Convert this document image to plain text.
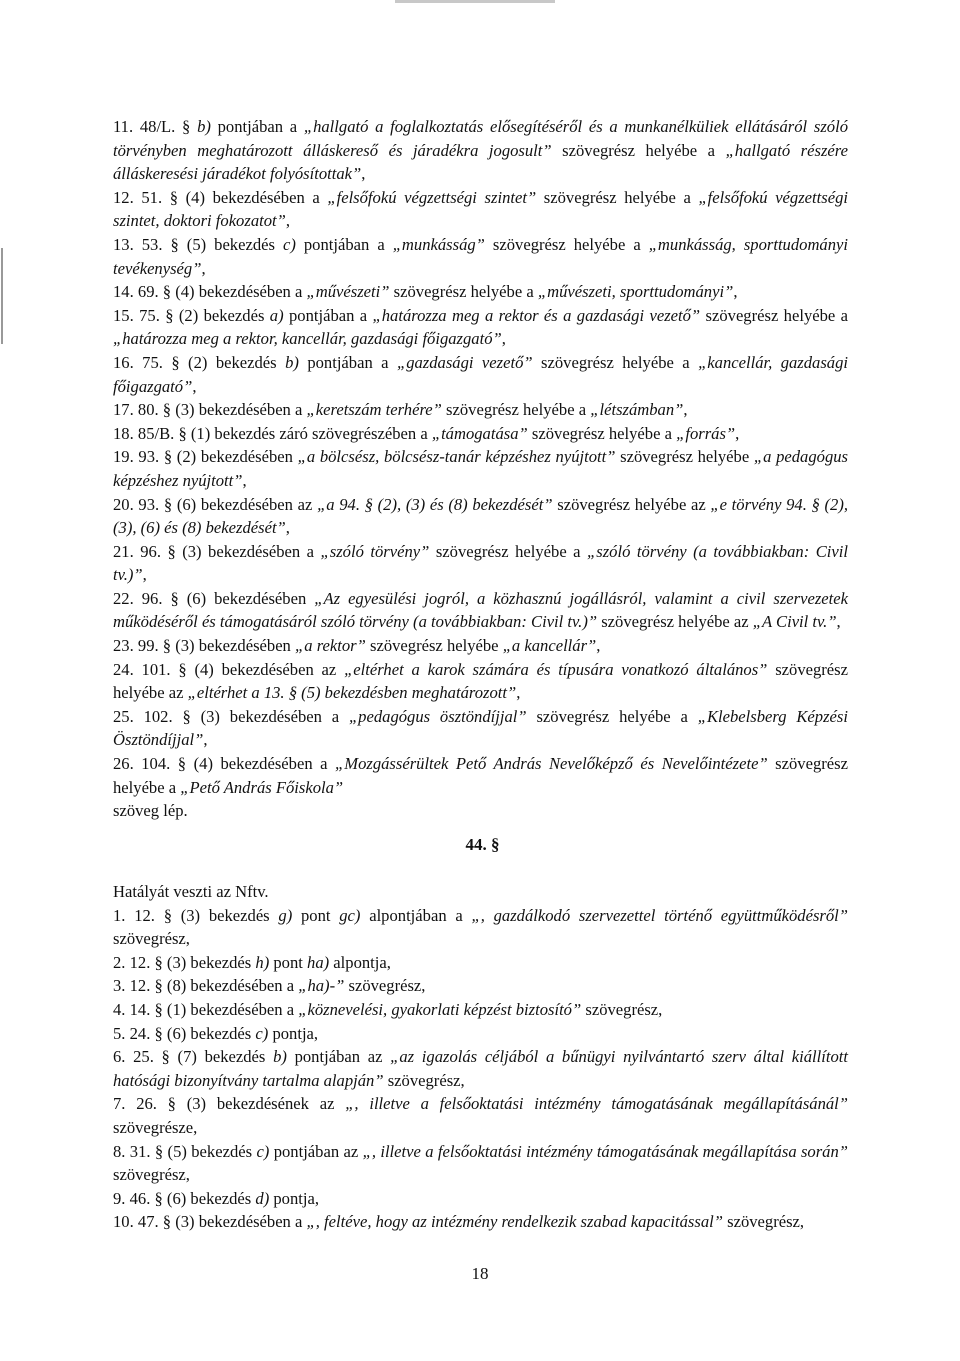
11. 48/L. § b) pontjában a „hallgató a foglalkoztatás elősegítéséről és a munkanélküliek ellátásáról szóló törvényben meghatározott álláskereső és járadékra jogosult” szövegrész helyébe a „hallgató részére álláskeresési járadékot folyósítottak”,

12. 51. § (4) bekezdésében a „felsőfokú végzettségi szintet” szövegrész helyébe a „felsőfokú végzettségi szintet, doktori fokozatot”,

13. 53. § (5) bekezdés c) pontjában a „munkásság” szövegrész helyébe a „munkásság, sporttudományi tevékenység”,

14. 69. § (4) bekezdésében a „művészeti” szövegrész helyébe a „művészeti, sporttudományi”,

15. 75. § (2) bekezdés a) pontjában a „határozza meg a rektor és a gazdasági vezető” szövegrész helyébe a „határozza meg a rektor, kancellár, gazdasági főigazgató”,

16. 75. § (2) bekezdés b) pontjában a „gazdasági vezető” szövegrész helyébe a „kancellár, gazdasági főigazgató”,

17. 80. § (3) bekezdésében a „keretszám terhére” szövegrész helyébe a „létszámban”,

18. 85/B. § (1) bekezdés záró szövegrészében a „támogatása” szövegrész helyébe a „forrás”,

19. 93. § (2) bekezdésében „a bölcsész, bölcsész-tanár képzéshez nyújtott” szövegrész helyébe „a pedagógus képzéshez nyújtott”,

20. 93. § (6) bekezdésében az „a 94. § (2), (3) és (8) bekezdését” szövegrész helyébe az „e törvény 94. § (2), (3), (6) és (8) bekezdését”,

21. 96. § (3) bekezdésében a „szóló törvény” szövegrész helyébe a „szóló törvény (a továbbiakban: Civil tv.)”,

22. 96. § (6) bekezdésében „Az egyesülési jogról, a közhasznú jogállásról, valamint a civil szervezetek működéséről és támogatásáról szóló törvény (a továbbiakban: Civil tv.)” szövegrész helyébe az „A Civil tv.”,

23. 99. § (3) bekezdésében „a rektor” szövegrész helyébe „a kancellár”,

24. 101. § (4) bekezdésében az „eltérhet a karok számára és típusára vonatkozó általános” szövegrész helyébe az „eltérhet a 13. § (5) bekezdésben meghatározott”,

25. 102. § (3) bekezdésében a „pedagógus ösztöndíjjal” szövegrész helyébe a „Klebelsberg Képzési Ösztöndíjjal”,

26. 104. § (4) bekezdésében a „Mozgássérültek Pető András Nevelőképző és Nevelőintézete” szövegrész helyébe a „Pető András Főiskola”

szöveg lép.

44. §

Hatályát veszti az Nftv.

1. 12. § (3) bekezdés g) pont gc) alpontjában a „, gazdálkodó szervezettel történő együttműködésről” szövegrész,

2. 12. § (3) bekezdés h) pont ha) alpontja,

3. 12. § (8) bekezdésében a „ha)-” szövegrész,

4. 14. § (1) bekezdésében a „köznevelési, gyakorlati képzést biztosító” szövegrész,

5. 24. § (6) bekezdés c) pontja,

6. 25. § (7) bekezdés b) pontjában az „az igazolás céljából a bűnügyi nyilvántartó szerv által kiállított hatósági bizonyítvány tartalma alapján” szövegrész,

7. 26. § (3) bekezdésének az „, illetve a felsőoktatási intézmény támogatásának megállapításánál” szövegrésze,

8. 31. § (5) bekezdés c) pontjában az „, illetve a felsőoktatási intézmény támogatásának megállapítása során” szövegrész,

9. 46. § (6) bekezdés d) pontja,

10. 47. § (3) bekezdésében a „, feltéve, hogy az intézmény rendelkezik szabad kapacitással” szövegrész,

18
